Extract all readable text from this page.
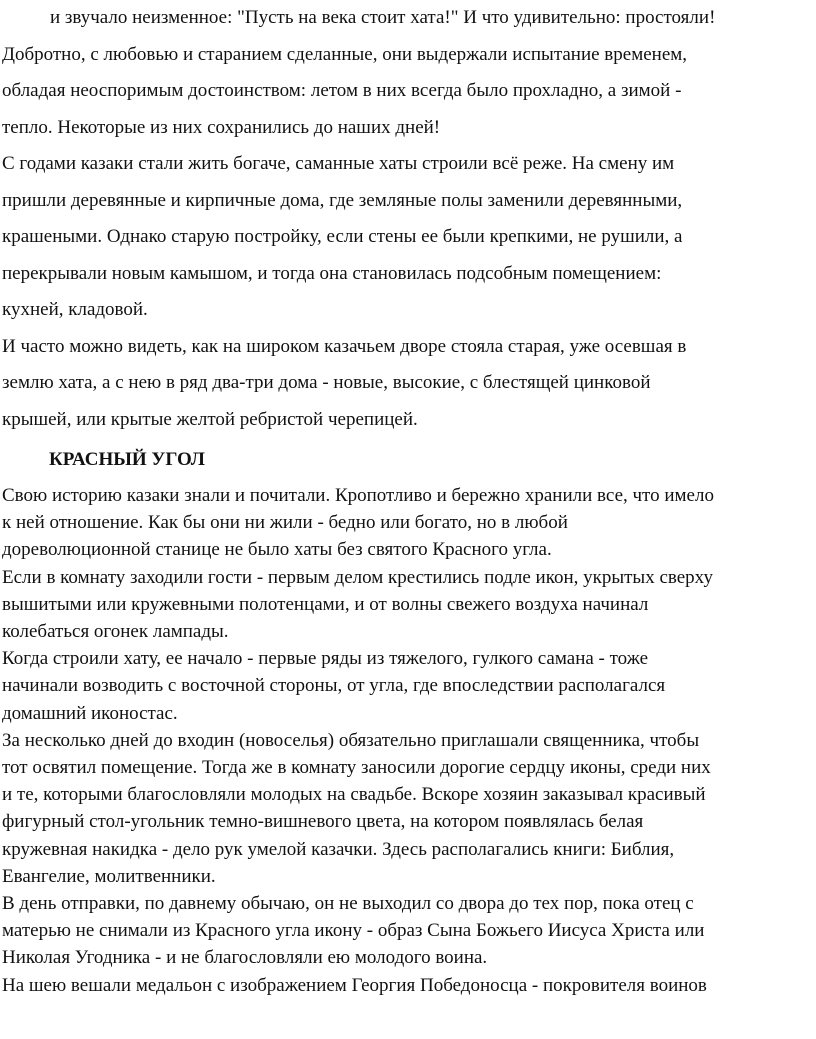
и звучало неизменное: "Пусть на века стоит хата!" И что удивительно: простояли!
Добротно, с любовью и старанием сделанные, они выдержали испытание временем,
обладая неоспоримым достоинством: летом в них всегда было прохладно, а зимой -
тепло. Некоторые из них сохранились до наших дней!

С годами казаки стали жить богаче, саманные хаты строили всё реже. На смену им
пришли деревянные и кирпичные дома, где земляные полы заменили деревянными,
крашеными. Однако старую постройку, если стены ее были крепкими, не рушили, а
перекрывали новым камышом, и тогда она становилась подсобным помещением:
кухней, кладовой.

И часто можно видеть, как на широком казачьем дворе стояла старая, уже осевшая в
землю хата, а с нею в ряд два-три дома - новые, высокие, с блестящей цинковой
крышей, или крытые желтой ребристой черепицей.

КРАСНЫЙ УГОЛ

Свою историю казаки знали и почитали. Кропотливо и бережно хранили все, что имело
к ней отношение. Как бы они ни жили - бедно или богато, но в любой
дореволюционной станице не было хаты без святого Красного угла.

Если в комнату заходили гости - первым делом крестились подле икон, укрытых сверху
вышитыми или кружевными полотенцами, и от волны свежего воздуха начинал
колебаться огонек лампады.

Когда строили хату, ее начало - первые ряды из тяжелого, гулкого самана - тоже
начинали возводить с восточной стороны, от угла, где впоследствии располагался
домашний иконостас.

За несколько дней до входин (новоселья) обязательно приглашали священника, чтобы
тот освятил помещение. Тогда же в комнату заносили дорогие сердцу иконы, среди них
и те, которыми благословляли молодых на свадьбе. Вскоре хозяин заказывал красивый
фигурный стол-угольник темно-вишневого цвета, на котором появлялась белая
кружевная накидка - дело рук умелой казачки. Здесь располагались книги: Библия,
Евангелие, молитвенники.

В день отправки, по давнему обычаю, он не выходил со двора до тех пор, пока отец с
матерью не снимали из Красного угла икону - образ Сына Божьего Иисуса Христа или
Николая Угодника - и не благословляли ею молодого воина.

На шею вешали медальон с изображением Георгия Победоносца - покровителя воинов
